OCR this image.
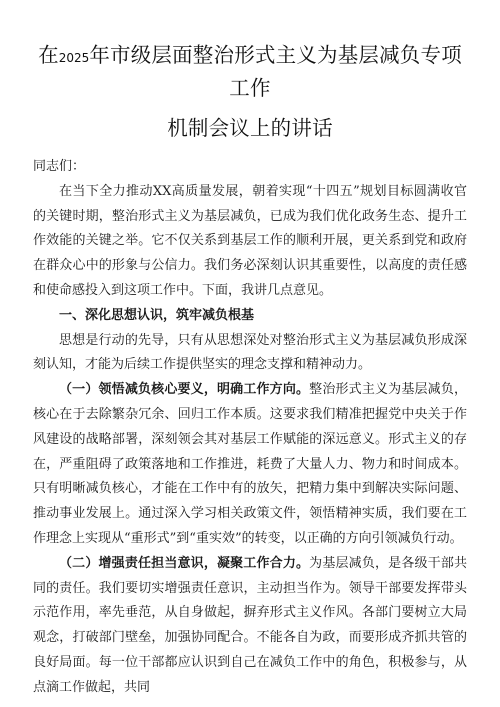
在2025年市级层面整治形式主义为基层减负专项工作
机制会议上的讲话

同志们：

在当下全力推动XX高质量发展，朝着实现“十四五”规划目标圆满收官的关键时期，整治形式主义为基层减负，已成为我们优化政务生态、提升工作效能的关键之举。它不仅关系到基层工作的顺利开展，更关系到党和政府在群众心中的形象与公信力。我们务必深刻认识其重要性，以高度的责任感和使命感投入到这项工作中。下面，我讲几点意见。

一、深化思想认识，筑牢减负根基

思想是行动的先导，只有从思想深处对整治形式主义为基层减负形成深刻认知，才能为后续工作提供坚实的理念支撑和精神动力。

（一）领悟减负核心要义，明确工作方向。整治形式主义为基层减负，核心在于去除繁杂冗余、回归工作本质。这要求我们精准把握党中央关于作风建设的战略部署，深刻领会其对基层工作赋能的深远意义。形式主义的存在，严重阻碍了政策落地和工作推进，耗费了大量人力、物力和时间成本。只有明晰减负核心，才能在工作中有的放矢，把精力集中到解决实际问题、推动事业发展上。通过深入学习相关政策文件，领悟精神实质，我们要在工作理念上实现从“重形式”到“重实效”的转变，以正确的方向引领减负行动。

（二）增强责任担当意识，凝聚工作合力。为基层减负，是各级干部共同的责任。我们要切实增强责任意识，主动担当作为。领导干部要发挥带头示范作用，率先垂范，从自身做起，摒弃形式主义作风。各部门要树立大局观念，打破部门壁垒，加强协同配合。不能各自为政，而要形成齐抓共管的良好局面。每一位干部都应认识到自己在减负工作中的角色，积极参与，从点滴工作做起，共同
